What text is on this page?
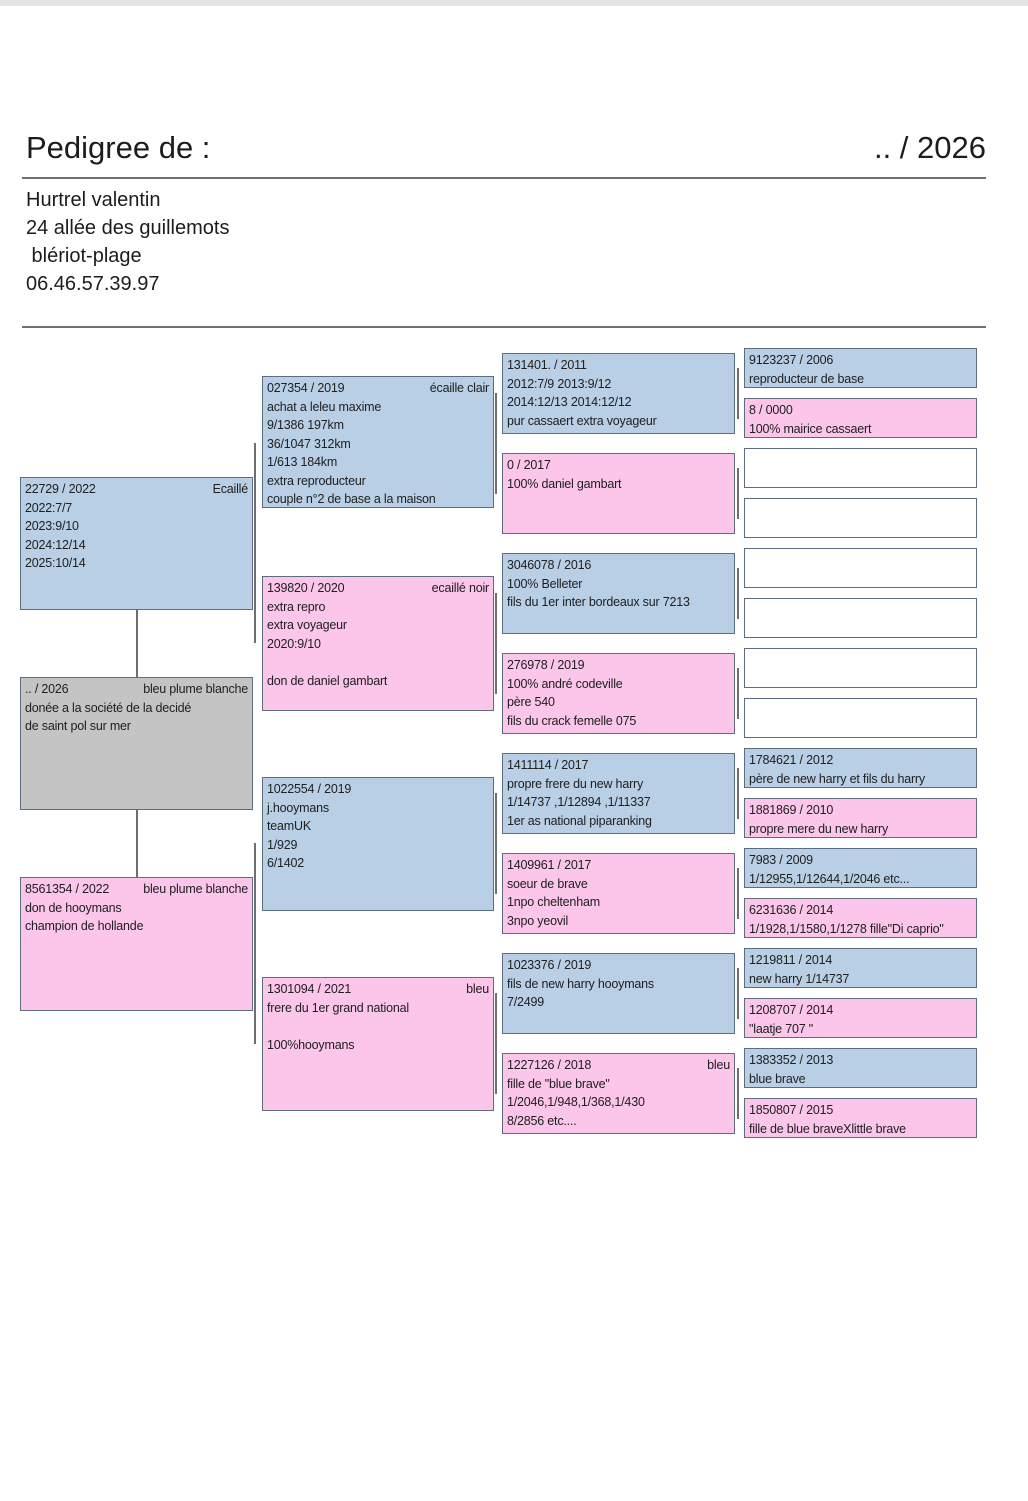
Pedigree de :	.. / 2026
Hurtrel valentin
24 allée des guillemots
blériot-plage
06.46.57.39.97
22729 / 2022	Ecaillé
2022:7/7
2023:9/10
2024:12/14
2025:10/14
.. / 2026	bleu plume blanche
donée a la société de la decidé
de saint pol sur mer
8561354 / 2022	bleu plume blanche
don de hooymans
champion de hollande
027354 / 2019	écaille clair
achat a leleu maxime
9/1386 197km
36/1047 312km
1/613 184km
extra reproducteur
couple n°2 de base a la maison
139820 / 2020	ecaillé noir
extra repro
extra voyageur
2020:9/10
don de daniel gambart
1022554 / 2019
j.hooymans
teamUK
1/929
6/1402
1301094 / 2021	bleu
frere du 1er grand national
100%hooymans
131401. / 2011
2012:7/9 2013:9/12
2014:12/13 2014:12/12
pur cassaert extra voyageur
0 / 2017
100% daniel gambart
3046078 / 2016
100% Belleter
fils du 1er inter bordeaux sur 7213
276978 / 2019
100% andré codeville
père 540
fils du crack femelle 075
1411114 / 2017
propre frere du new harry
1/14737 ,1/12894 ,1/11337
1er as national piparanking
1409961 / 2017
soeur de brave
1npo cheltenham
3npo yeovil
1023376 / 2019
fils de new harry hooymans
7/2499
1227126 / 2018	bleu
fille de "blue brave"
1/2046,1/948,1/368,1/430
8/2856 etc....
9123237 / 2006
reproducteur de base
8 / 0000
100% mairice cassaert
1784621 / 2012
père de new harry et fils du harry
1881869 / 2010
propre mere du new harry
7983 / 2009
1/12955,1/12644,1/2046 etc...
6231636 / 2014
1/1928,1/1580,1/1278 fille"Di caprio"
1219811 / 2014
new harry 1/14737
1208707 / 2014
"laatje 707 "
1383352 / 2013
blue brave
1850807 / 2015
fille de blue braveXlittle brave
